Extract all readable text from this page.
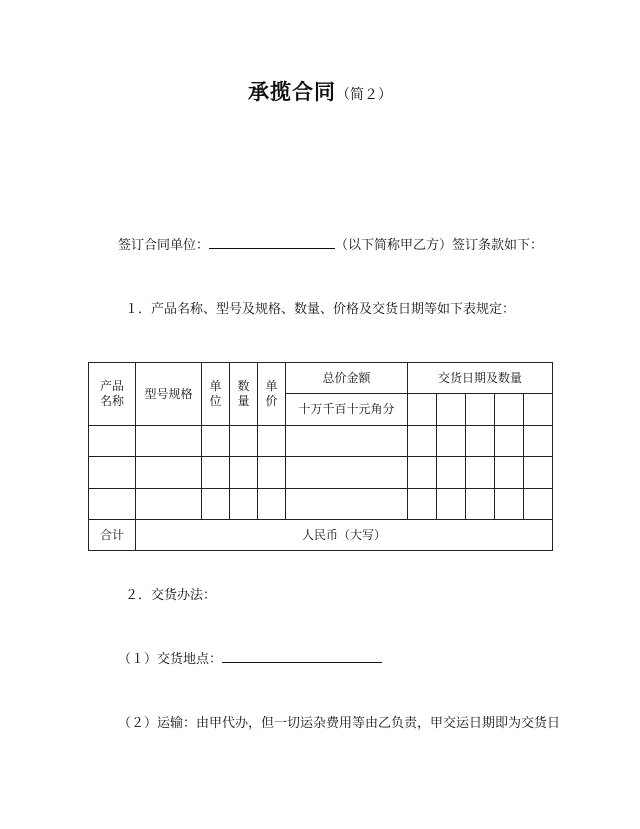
承揽合同（简２）
签订合同单位：	（以下简称甲乙方）签订条款如下：
１．产品名称、型号及规格、数量、价格及交货日期等如下表规定：
产品名称	型号规格	单位	数量	单价	总价金额	交货日期及数量				
					十万千百十元角分					

合计	人民币（大写）									
２．交货办法：
（１）交货地点：
（２）运输：由甲代办，但一切运杂费用等由乙负责，甲交运日期即为交货日
